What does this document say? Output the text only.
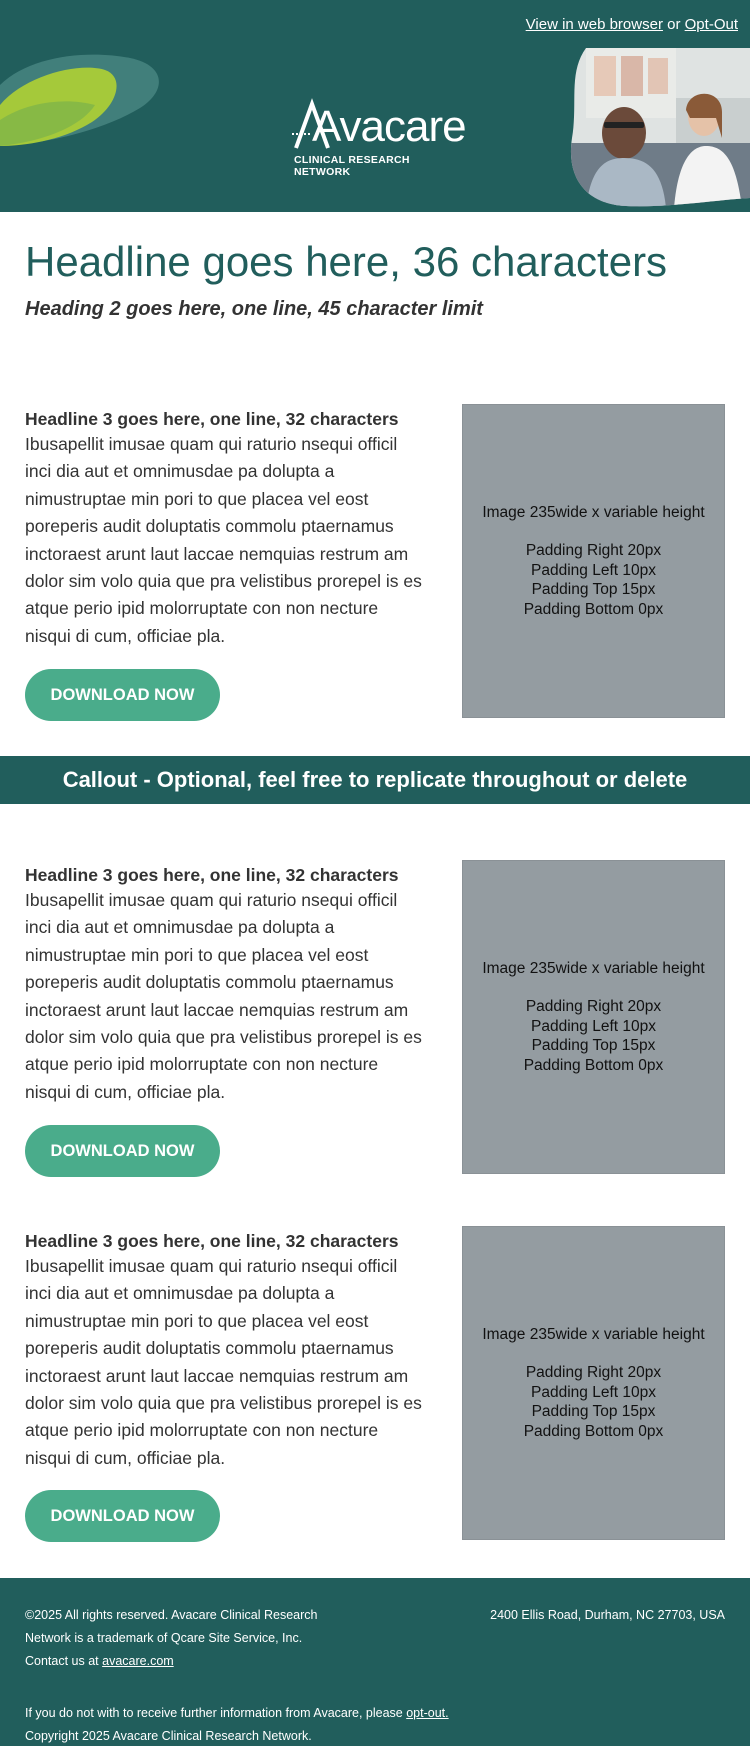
View in web browser or Opt-Out
Avacare
CLINICAL RESEARCH NETWORK
Headline goes here, 36 characters
Heading 2 goes here, one line, 45 character limit
Headline 3 goes here, one line, 32 characters
Ibusapellit imusae quam qui raturio nsequi officil inci dia aut et omnimusdae pa dolupta a nimustruptae min pori to que placea vel eost poreperis audit doluptatis commolu ptaernamus inctoraest arunt laut laccae nemquias restrum am dolor sim volo quia que pra velistibus prorepel is es atque perio ipid molorruptate con non necture nisqui di cum, officiae pla.
DOWNLOAD NOW
Image 235wide x variable height
Padding Right 20px
Padding Left 10px
Padding Top 15px
Padding Bottom 0px
Callout - Optional, feel free to replicate throughout or delete
Headline 3 goes here, one line, 32 characters
Ibusapellit imusae quam qui raturio nsequi officil inci dia aut et omnimusdae pa dolupta a nimustruptae min pori to que placea vel eost poreperis audit doluptatis commolu ptaernamus inctoraest arunt laut laccae nemquias restrum am dolor sim volo quia que pra velistibus prorepel is es atque perio ipid molorruptate con non necture nisqui di cum, officiae pla.
DOWNLOAD NOW
Image 235wide x variable height
Padding Right 20px
Padding Left 10px
Padding Top 15px
Padding Bottom 0px
Headline 3 goes here, one line, 32 characters
Ibusapellit imusae quam qui raturio nsequi officil inci dia aut et omnimusdae pa dolupta a nimustruptae min pori to que placea vel eost poreperis audit doluptatis commolu ptaernamus inctoraest arunt laut laccae nemquias restrum am dolor sim volo quia que pra velistibus prorepel is es atque perio ipid molorruptate con non necture nisqui di cum, officiae pla.
DOWNLOAD NOW
Image 235wide x variable height
Padding Right 20px
Padding Left 10px
Padding Top 15px
Padding Bottom 0px
©2025 All rights reserved. Avacare Clinical Research Network is a trademark of Qcare Site Service, Inc.
Contact us at avacare.com
2400 Ellis Road, Durham, NC 27703, USA
If you do not with to receive further information from Avacare, please opt-out.
Copyright 2025 Avacare Clinical Research Network.
